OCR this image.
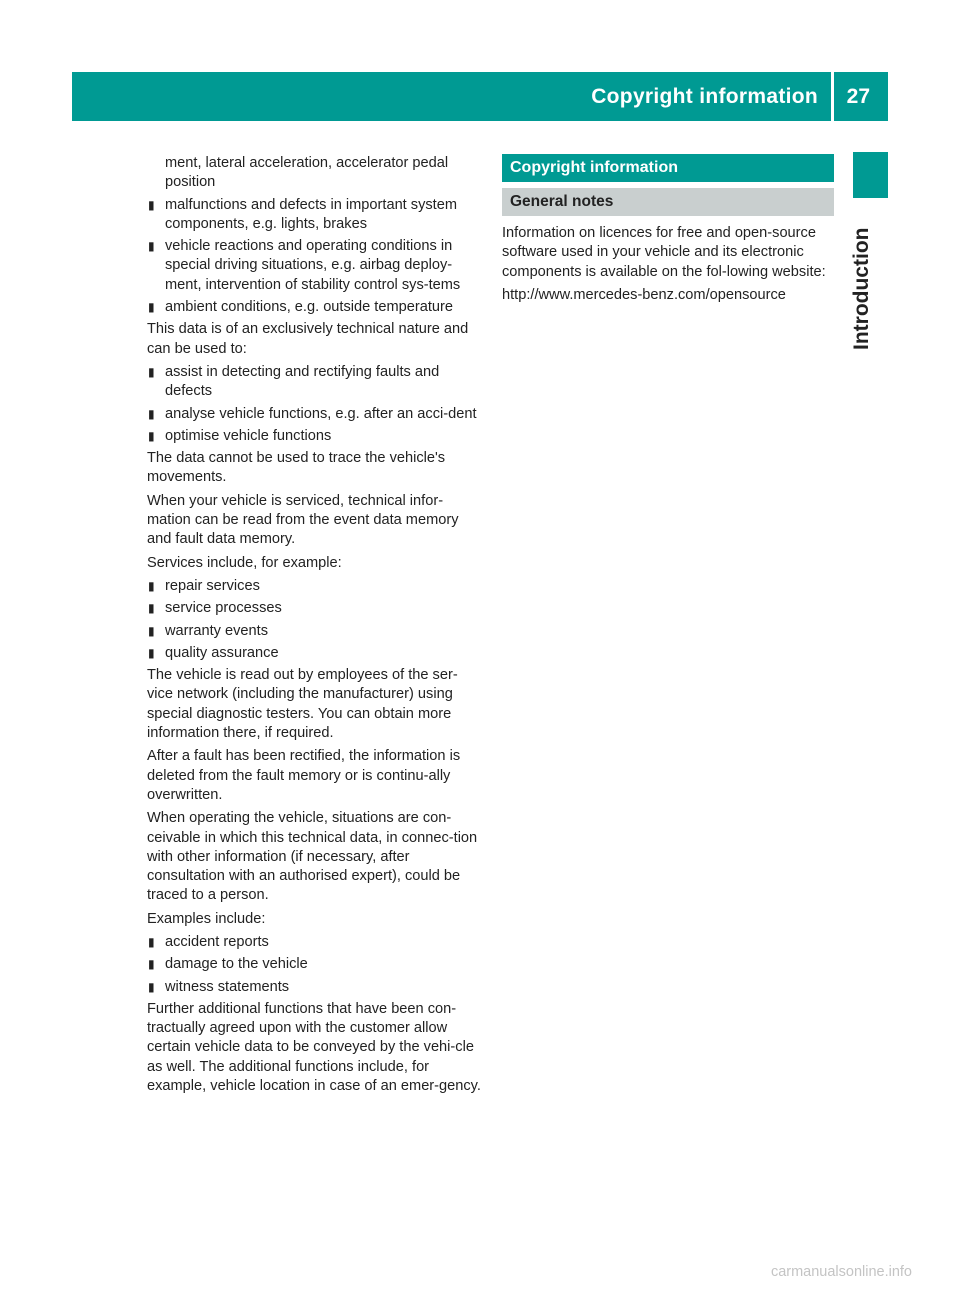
Copyright information 27
Introduction
ment, lateral acceleration, accelerator pedal position
▮ malfunctions and defects in important system components, e.g. lights, brakes
▮ vehicle reactions and operating conditions in special driving situations, e.g. airbag deploy-ment, intervention of stability control sys-tems
▮ ambient conditions, e.g. outside temperature

This data is of an exclusively technical nature and can be used to:

▮ assist in detecting and rectifying faults and defects
▮ analyse vehicle functions, e.g. after an acci-dent
▮ optimise vehicle functions

The data cannot be used to trace the vehicle's movements.

When your vehicle is serviced, technical infor-mation can be read from the event data memory and fault data memory.

Services include, for example:

▮ repair services
▮ service processes
▮ warranty events
▮ quality assurance

The vehicle is read out by employees of the ser-vice network (including the manufacturer) using special diagnostic testers. You can obtain more information there, if required.

After a fault has been rectified, the information is deleted from the fault memory or is continu-ally overwritten.

When operating the vehicle, situations are con-ceivable in which this technical data, in connec-tion with other information (if necessary, after consultation with an authorised expert), could be traced to a person.

Examples include:

▮ accident reports
▮ damage to the vehicle
▮ witness statements

Further additional functions that have been con-tractually agreed upon with the customer allow certain vehicle data to be conveyed by the vehi-cle as well. The additional functions include, for example, vehicle location in case of an emer-gency.

Copyright information
General notes

Information on licences for free and open-source software used in your vehicle and its electronic components is available on the fol-lowing website:

http://www.mercedes-benz.com/opensource

carmanualsonline.info
